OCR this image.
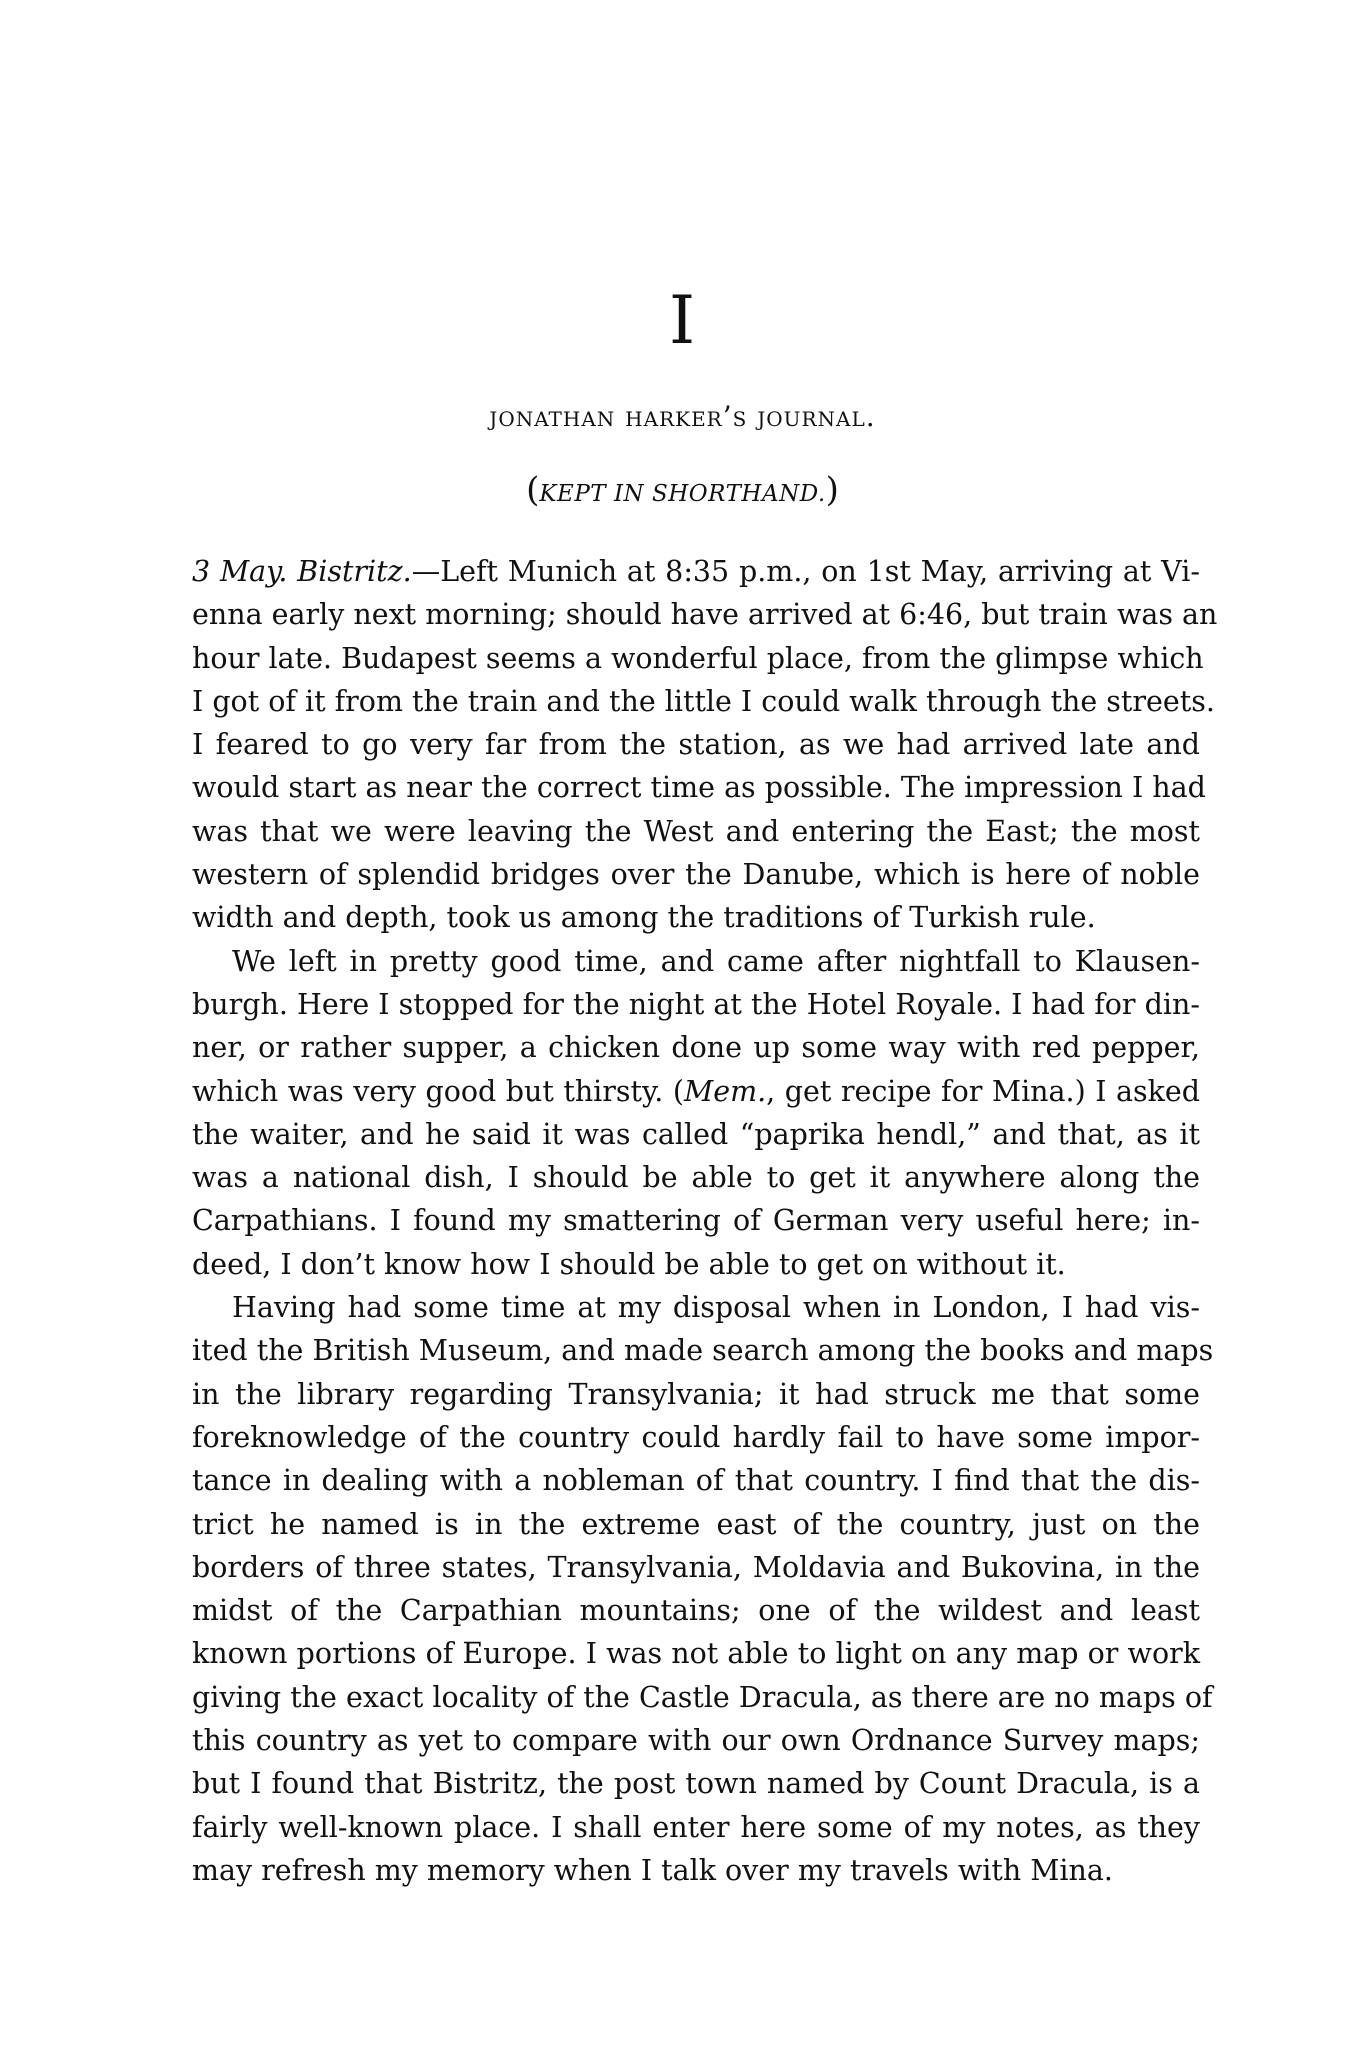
I
jonathan harker’s journal.
(KEPT IN SHORTHAND.)
3 May. Bistritz.—Left Munich at 8:35 p.m., on 1st May, arriving at Vi-
enna early next morning; should have arrived at 6:46, but train was an
hour late. Budapest seems a wonderful place, from the glimpse which
I got of it from the train and the little I could walk through the streets.
I feared to go very far from the station, as we had arrived late and
would start as near the correct time as possible. The impression I had
was that we were leaving the West and entering the East; the most
western of splendid bridges over the Danube, which is here of noble
width and depth, took us among the traditions of Turkish rule.
We left in pretty good time, and came after nightfall to Klausen-
burgh. Here I stopped for the night at the Hotel Royale. I had for din-
ner, or rather supper, a chicken done up some way with red pepper,
which was very good but thirsty. (Mem., get recipe for Mina.) I asked
the waiter, and he said it was called “paprika hendl,” and that, as it
was a national dish, I should be able to get it anywhere along the
Carpathians. I found my smattering of German very useful here; in-
deed, I don’t know how I should be able to get on without it.
Having had some time at my disposal when in London, I had vis-
ited the British Museum, and made search among the books and maps
in the library regarding Transylvania; it had struck me that some
foreknowledge of the country could hardly fail to have some impor-
tance in dealing with a nobleman of that country. I find that the dis-
trict he named is in the extreme east of the country, just on the
borders of three states, Transylvania, Moldavia and Bukovina, in the
midst of the Carpathian mountains; one of the wildest and least
known portions of Europe. I was not able to light on any map or work
giving the exact locality of the Castle Dracula, as there are no maps of
this country as yet to compare with our own Ordnance Survey maps;
but I found that Bistritz, the post town named by Count Dracula, is a
fairly well-known place. I shall enter here some of my notes, as they
may refresh my memory when I talk over my travels with Mina.
